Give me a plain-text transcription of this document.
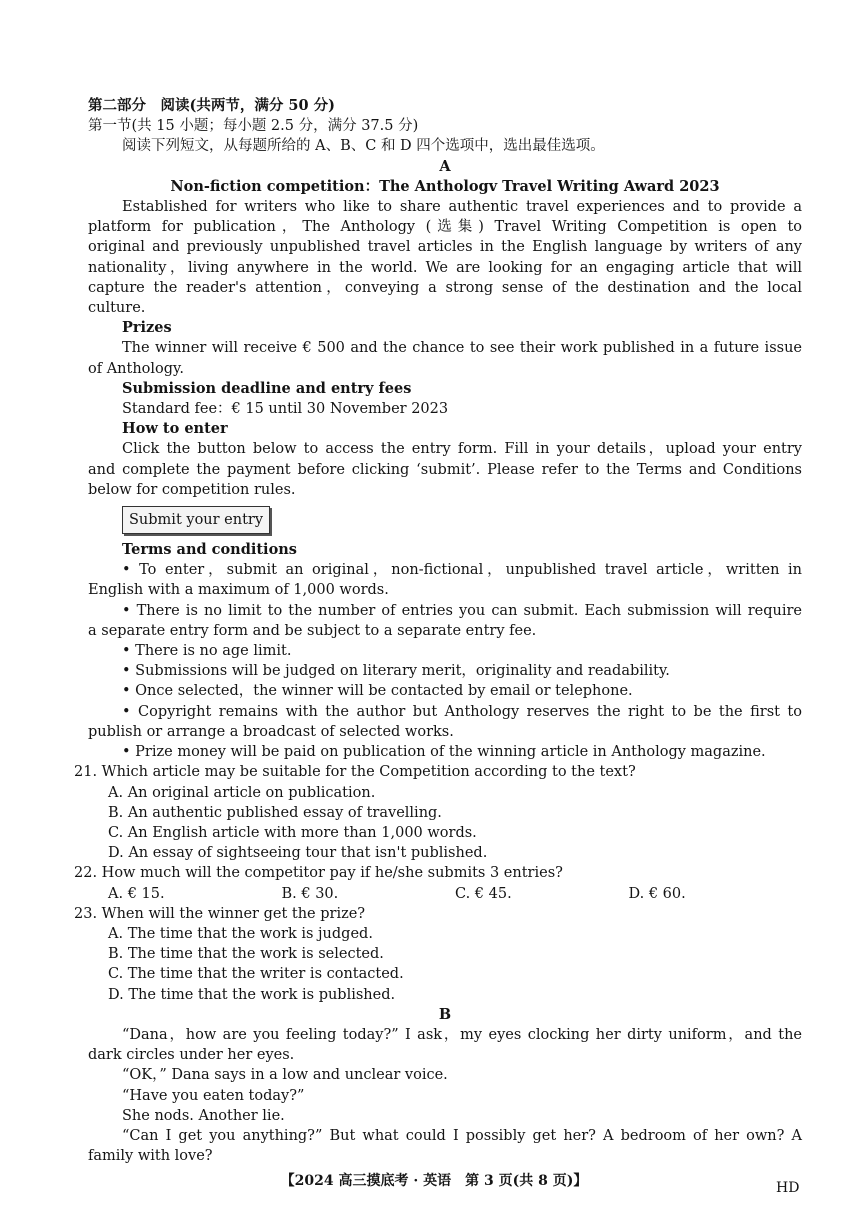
第二部分　阅读(共两节，满分 50 分)
第一节(共 15 小题；每小题 2.5 分，满分 37.5 分)
阅读下列短文，从每题所给的 A、B、C 和 D 四个选项中，选出最佳选项。
A
Non-fiction competition：The Anthologv Travel Writing Award 2023
Established for writers who like to share authentic travel experiences and to provide a
platform for publication，The Anthology (选集) Travel Writing Competition is open to
original and previously unpublished travel articles in the English language by writers of any
nationality，living anywhere in the world. We are looking for an engaging article that will
capture the reader's attention，conveying a strong sense of the destination and the local
culture.
Prizes
The winner will receive € 500 and the chance to see their work published in a future issue
of Anthology.
Submission deadline and entry fees
Standard fee：€ 15 until 30 November 2023
How to enter
Click the button below to access the entry form. Fill in your details，upload your entry
and complete the payment before clicking ‘submit’. Please refer to the Terms and Conditions
below for competition rules.
Submit your entry
Terms and conditions
• To enter，submit an original，non-fictional，unpublished travel article，written in
English with a maximum of 1,000 words.
• There is no limit to the number of entries you can submit. Each submission will require
a separate entry form and be subject to a separate entry fee.
• There is no age limit.
• Submissions will be judged on literary merit，originality and readability.
• Once selected，the winner will be contacted by email or telephone.
• Copyright remains with the author but Anthology reserves the right to be the first to
publish or arrange a broadcast of selected works.
• Prize money will be paid on publication of the winning article in Anthology magazine.
21. Which article may be suitable for the Competition according to the text?
A. An original article on publication.
B. An authentic published essay of travelling.
C. An English article with more than 1,000 words.
D. An essay of sightseeing tour that isn't published.
22. How much will the competitor pay if he/she submits 3 entries?
A. € 15.	B. € 30.	C. € 45.	D. € 60.
23. When will the winner get the prize?
A. The time that the work is judged.
B. The time that the work is selected.
C. The time that the writer is contacted.
D. The time that the work is published.
B
“Dana，how are you feeling today?” I ask，my eyes clocking her dirty uniform，and the
dark circles under her eyes.
“OK，” Dana says in a low and unclear voice.
“Have you eaten today?”
She nods. Another lie.
“Can I get you anything?” But what could I possibly get her? A bedroom of her own? A
family with love?
【2024 高三摸底考 · 英语　第 3 页(共 8 页)】	HD
